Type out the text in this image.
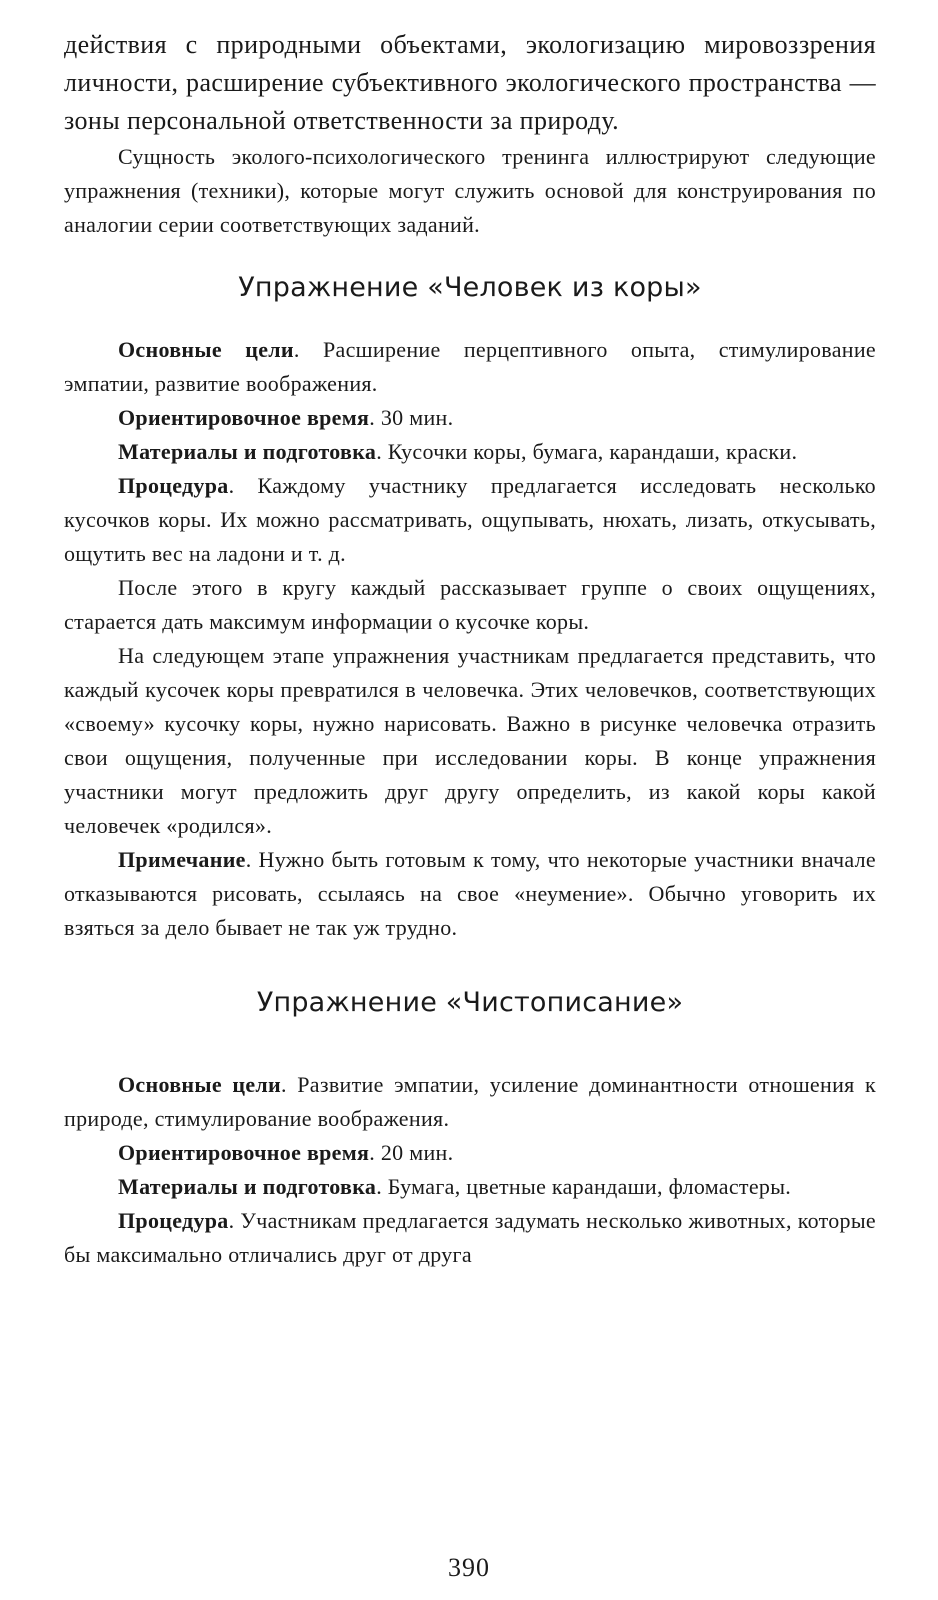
действия с природными объектами, экологизацию мировоззрения личности, расширение субъективного экологического пространства — зоны персональной ответственности за природу.

Сущность эколого-психологического тренинга иллюстрируют следующие упражнения (техники), которые могут служить основой для конструирования по аналогии серии соответствующих заданий.

Упражнение «Человек из коры»

Основные цели. Расширение перцептивного опыта, стимулирование эмпатии, развитие воображения.

Ориентировочное время. 30 мин.

Материалы и подготовка. Кусочки коры, бумага, карандаши, краски.

Процедура. Каждому участнику предлагается исследовать несколько кусочков коры. Их можно рассматривать, ощупывать, нюхать, лизать, откусывать, ощутить вес на ладони и т. д.

После этого в кругу каждый рассказывает группе о своих ощущениях, старается дать максимум информации о кусочке коры.

На следующем этапе упражнения участникам предлагается представить, что каждый кусочек коры превратился в человечка. Этих человечков, соответствующих «своему» кусочку коры, нужно нарисовать. Важно в рисунке человечка отразить свои ощущения, полученные при исследовании коры. В конце упражнения участники могут предложить друг другу определить, из какой коры какой человечек «родился».

Примечание. Нужно быть готовым к тому, что некоторые участники вначале отказываются рисовать, ссылаясь на свое «неумение». Обычно уговорить их взяться за дело бывает не так уж трудно.

Упражнение «Чистописание»

Основные цели. Развитие эмпатии, усиление доминантности отношения к природе, стимулирование воображения.

Ориентировочное время. 20 мин.

Материалы и подготовка. Бумага, цветные карандаши, фломастеры.

Процедура. Участникам предлагается задумать несколько животных, которые бы максимально отличались друг от друга

390
